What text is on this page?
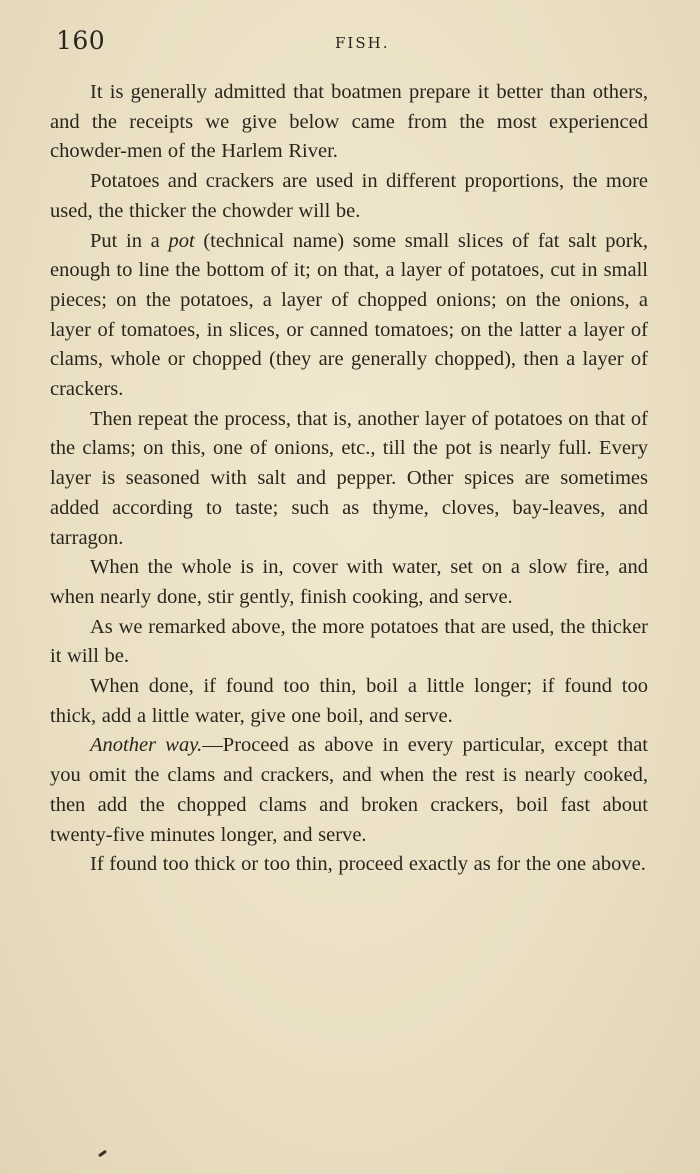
160	FISH.

It is generally admitted that boatmen prepare it better than others, and the receipts we give below came from the most experienced chowder-men of the Harlem River.

Potatoes and crackers are used in different proportions, the more used, the thicker the chowder will be.

Put in a pot (technical name) some small slices of fat salt pork, enough to line the bottom of it; on that, a layer of potatoes, cut in small pieces; on the potatoes, a layer of chopped onions; on the onions, a layer of tomatoes, in slices, or canned tomatoes; on the latter a layer of clams, whole or chopped (they are generally chopped), then a layer of crackers.

Then repeat the process, that is, another layer of potatoes on that of the clams; on this, one of onions, etc., till the pot is nearly full. Every layer is seasoned with salt and pepper. Other spices are sometimes added according to taste; such as thyme, cloves, bay-leaves, and tarragon.

When the whole is in, cover with water, set on a slow fire, and when nearly done, stir gently, finish cooking, and serve.

As we remarked above, the more potatoes that are used, the thicker it will be.

When done, if found too thin, boil a little longer; if found too thick, add a little water, give one boil, and serve.

Another way.—Proceed as above in every particular, except that you omit the clams and crackers, and when the rest is nearly cooked, then add the chopped clams and broken crackers, boil fast about twenty-five minutes longer, and serve.

If found too thick or too thin, proceed exactly as for the one above.
